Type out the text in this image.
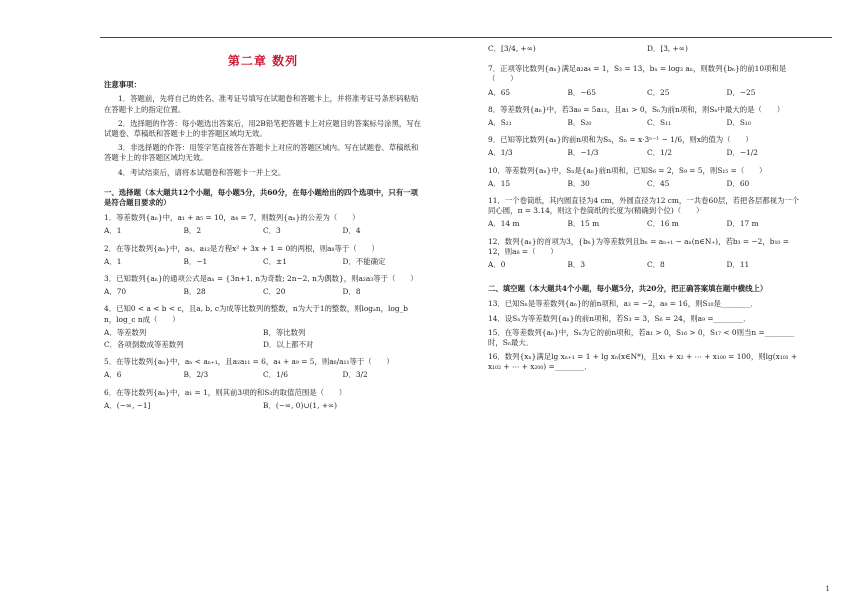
第二章 数列
注意事项：

1．答题前，先将自己的姓名、准考证号填写在试题卷和答题卡上，并将准考证号条形码粘贴在答题卡上的指定位置。

2．选择题的作答：每小题选出答案后，用2B铅笔把答题卡上对应题目的答案标号涂黑，写在试题卷、草稿纸和答题卡上的非答题区域均无效。

3．非选择题的作答：用签字笔直接答在答题卡上对应的答题区域内。写在试题卷、草稿纸和答题卡上的非答题区域均无效。

4．考试结束后，请将本试题卷和答题卡一并上交。

一、选择题（本大题共12个小题，每小题5分，共60分，在每小题给出的四个选项中，只有一项是符合题目要求的）
1．等差数列{aₙ}中，a₁ + a₅ = 10，a₄ = 7，则数列{aₙ}的公差为（　　）
A．1	B．2	C．3	D．4
2．在等比数列{aₙ}中，a₄、a₁₂是方程x² + 3x + 1 = 0的两根，则a₈等于（　　）
A．1	B．−1	C．±1	D．不能确定
3．已知数列{aₙ}的通项公式是aₙ = {3n+1, n为奇数; 2n−2, n为偶数}，则a₂a₃等于（　　）
A．70	B．28	C．20	D．8
4．已知0 < a < b < c，且a, b, c为成等比数列的整数，n为大于1的整数，则logₐn，log_b n，log_c n成（　　）
A．等差数列	B．等比数列
C．各项倒数成等差数列	D．以上都不对
5．在等比数列{aₙ}中，aₙ < aₙ₊₁，且a₂a₁₁ = 6，a₄ + a₉ = 5，则a₆/a₁₁等于（　　）
A．6	B．2/3	C．1/6	D．3/2
6．在等比数列{aₙ}中，a₁ = 1，则其前3项的和S₃的取值范围是（　　）
A．(−∞, −1]	B．(−∞, 0)∪(1, +∞)
C．[3/4, +∞)	D．[3, +∞)
7．正项等比数列{aₙ}满足a₂a₄ = 1，S₃ = 13，bₙ = log₃ aₙ，则数列{bₙ}的前10项和是（　　）
A．65	B．−65	C．25	D．−25
8．等差数列{aₙ}中，若3a₈ = 5a₁₃，且a₁ > 0，Sₙ为前n项和，则Sₙ中最大的是（　　）
A．S₂₁	B．S₂₀	C．S₁₁	D．S₁₀
9．已知等比数列{aₙ}的前n项和为Sₙ，Sₙ = x·3ⁿ⁻¹ − 1/6，则x的值为（　　）
A．1/3	B．−1/3	C．1/2	D．−1/2
10．等差数列{aₙ}中，Sₙ是{aₙ}前n项和，已知S₆ = 2，S₉ = 5，则S₁₅ =（　　）
A．15	B．30	C．45	D．60
11．一个卷筒纸，其内圆直径为4 cm，外圆直径为12 cm，一共卷60层，若把各层都视为一个同心圆，π = 3.14，则这个卷筒纸的长度为(精确到个位)（　　）
A．14 m	B．15 m	C．16 m	D．17 m
12．数列{aₙ}的首项为3，{bₙ}为等差数列且bₙ = aₙ₊₁ − aₙ(n∈N₊)，若b₃ = −2，b₁₀ = 12，则a₈ =（　　）
A．0	B．3	C．8	D．11
二、填空题（本大题共4个小题，每小题5分，共20分，把正确答案填在题中横线上）

13．已知Sₙ是等差数列{aₙ}的前n项和，a₃ = −2，a₈ = 16，则S₁₀是________．

14．设Sₙ为等差数列{aₙ}的前n项和，若S₃ = 3，S₆ = 24，则a₉ =________．

15．在等差数列{aₙ}中，Sₙ为它的前n项和，若a₁ > 0，S₁₆ > 0，S₁₇ < 0则当n =________时，Sₙ最大．

16．数列{xₙ}满足lg xₙ₊₁ = 1 + lg xₙ(x∈N*)，且x₁ + x₂ + ⋯ + x₁₀₀ = 100，则lg(x₁₀₁ + x₁₀₂ + ⋯ + x₂₀₀) =________．

1
